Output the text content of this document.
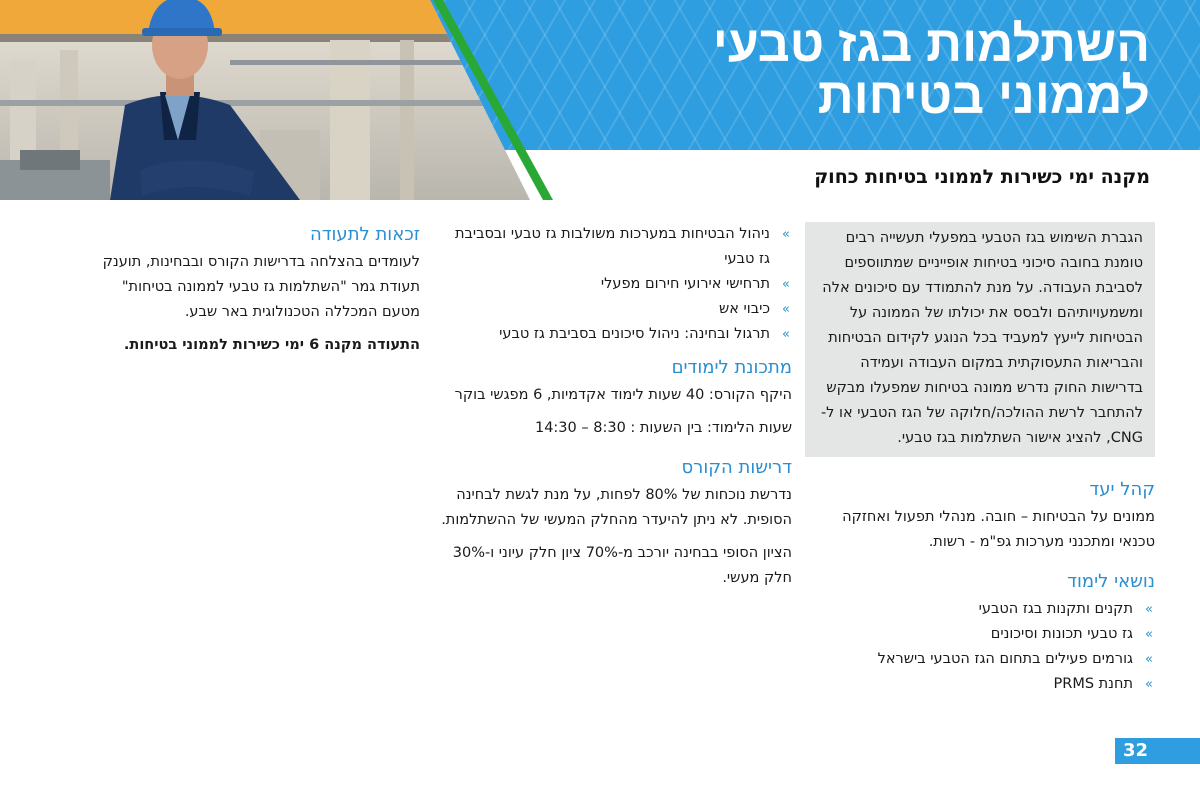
השתלמות בגז טבעי
לממוני בטיחות
מקנה ימי כשירות לממוני בטיחות כחוק

הגברת השימוש בגז הטבעי במפעלי תעשייה רבים טומנת בחובה סיכוני בטיחות אופייניים שמתווספים לסביבת העבודה. על מנת להתמודד עם סיכונים אלה ומשמעויותיהם ולבסס את יכולתו של הממונה על הבטיחות לייעץ למעביד בכל הנוגע לקידום הבטיחות והבריאות התעסוקתית במקום העבודה ועמידה בדרישות החוק נדרש ממונה בטיחות שמפעלו מבקש להתחבר לרשת ההולכה/חלוקה של הגז הטבעי או ל-CNG, להציג אישור השתלמות בגז טבעי.

קהל יעד

ממונים על הבטיחות – חובה. מנהלי תפעול ואחזקה טכנאי ומתכנני מערכות גפ"מ - רשות.

נושאי לימוד
»
תקנים ותקנות בגז הטבעי
»
גז טבעי תכונות וסיכונים
»
גורמים פעילים בתחום הגז הטבעי בישראל
»
תחנת PRMS
»
ניהול הבטיחות במערכות משולבות גז טבעי ובסביבת גז טבעי
»
תרחישי אירועי חירום מפעלי
»
כיבוי אש
»
תרגול ובחינה: ניהול סיכונים בסביבת גז טבעי
מתכונת לימודים

היקף הקורס: 40 שעות לימוד אקדמיות, 6 מפגשי בוקר

שעות הלימוד: בין השעות : 8:30 – 14:30

דרישות הקורס

נדרשת נוכחות של 80% לפחות, על מנת לגשת לבחינה הסופית. לא ניתן להיעדר מהחלק המעשי של ההשתלמות.

הציון הסופי בבחינה יורכב מ-70% ציון חלק עיוני ו-30% חלק מעשי.

זכאות לתעודה

לעומדים בהצלחה בדרישות הקורס ובבחינות, תוענק תעודת גמר "השתלמות גז טבעי לממונה בטיחות" מטעם המכללה הטכנולוגית באר שבע.

התעודה מקנה 6 ימי כשירות לממוני בטיחות.

32
